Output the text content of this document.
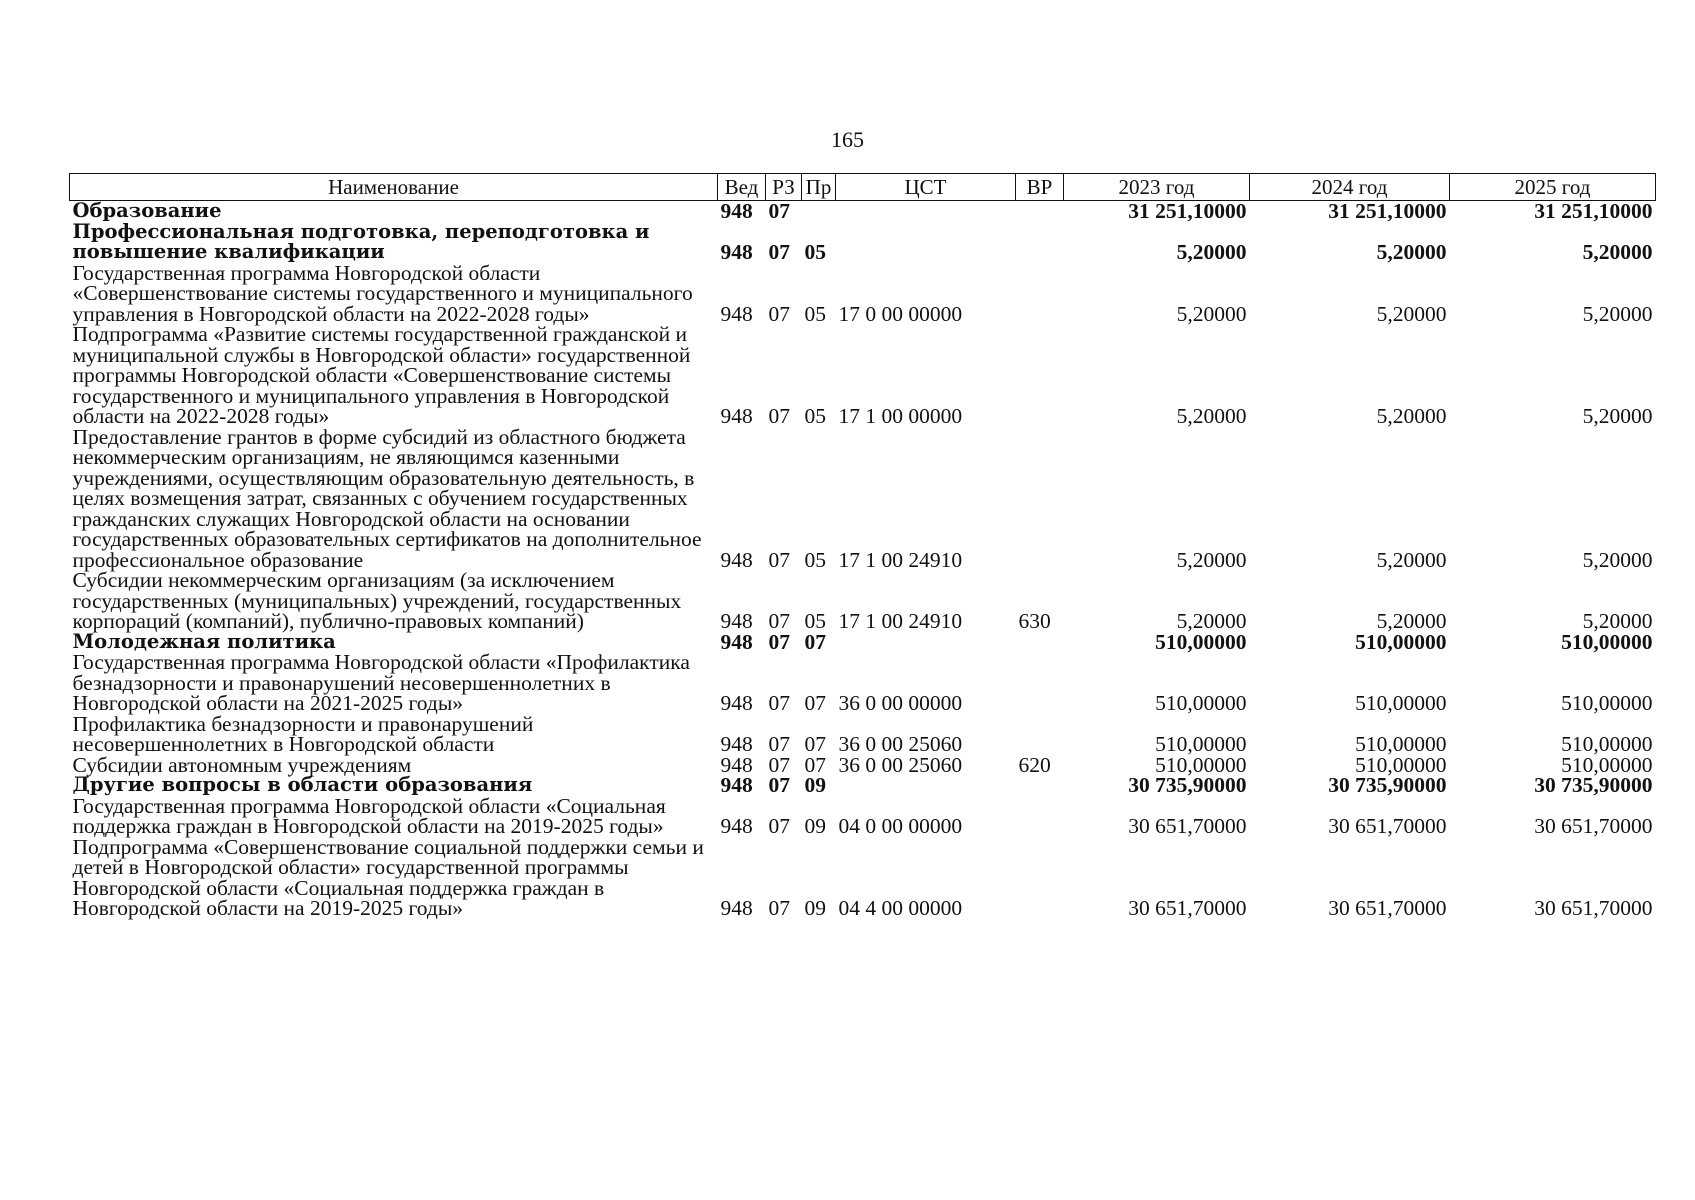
165
Наименование	Вед	РЗ	Пр	ЦСТ	ВР	2023 год	2024 год	2025 год
Образование	948	07				31 251,10000	31 251,10000	31 251,10000
Профессиональная подготовка, переподготовка и повышение квалификации	948	07	05			5,20000	5,20000	5,20000
Государственная программа Новгородской области «Совершенствование системы государственного и муниципального управления в Новгородской области на 2022-2028 годы»	948	07	05	17 0 00 00000		5,20000	5,20000	5,20000
Подпрограмма «Развитие системы государственной гражданской и муниципальной службы в Новгородской области» государственной программы Новгородской области «Совершенствование системы государственного и муниципального управления в Новгородской области на 2022-2028 годы»	948	07	05	17 1 00 00000		5,20000	5,20000	5,20000
Предоставление грантов в форме субсидий из областного бюджета некоммерческим организациям, не являющимся казенными учреждениями, осуществляющим образовательную деятельность, в целях возмещения затрат, связанных с обучением государственных гражданских служащих Новгородской области на основании государственных образовательных сертификатов на дополнительное профессиональное образование	948	07	05	17 1 00 24910		5,20000	5,20000	5,20000
Субсидии некоммерческим организациям (за исключением государственных (муниципальных) учреждений, государственных корпораций (компаний), публично-правовых компаний)	948	07	05	17 1 00 24910	630	5,20000	5,20000	5,20000
Молодежная политика	948	07	07			510,00000	510,00000	510,00000
Государственная программа Новгородской области «Профилактика безнадзорности и правонарушений несовершеннолетних в Новгородской области на 2021-2025 годы»	948	07	07	36 0 00 00000		510,00000	510,00000	510,00000
Профилактика безнадзорности и правонарушений несовершеннолетних в Новгородской области	948	07	07	36 0 00 25060		510,00000	510,00000	510,00000
Субсидии автономным учреждениям	948	07	07	36 0 00 25060	620	510,00000	510,00000	510,00000
Другие вопросы в области образования	948	07	09			30 735,90000	30 735,90000	30 735,90000
Государственная программа Новгородской области «Социальная поддержка граждан в Новгородской области на 2019-2025 годы»	948	07	09	04 0 00 00000		30 651,70000	30 651,70000	30 651,70000
Подпрограмма «Совершенствование социальной поддержки семьи и детей в Новгородской области» государственной программы Новгородской области «Социальная поддержка граждан в Новгородской области на 2019-2025 годы»	948	07	09	04 4 00 00000		30 651,70000	30 651,70000	30 651,70000
